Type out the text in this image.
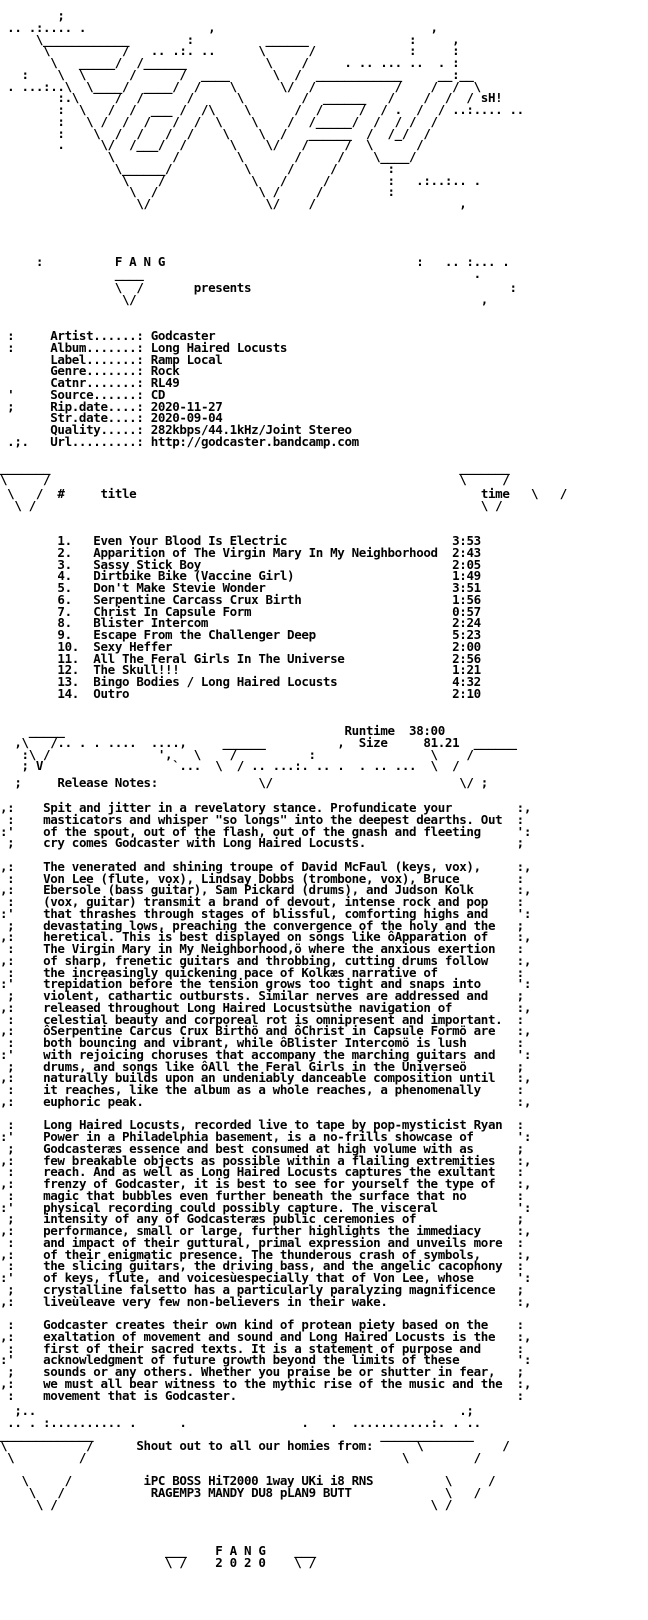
;
.. .:.... .                 ,                              ,
\____________        :          ______              :     ,
\          /   .. .:. ..      \      /             :     :
\   _____/  /______           \    /     . .. ... ..  . :
:    \  \      /      /  ____      \  /  ____________     __:__
. ...:..\  \____/  ____/  /    \      \/  /           /    /  /  \
:.\     /  /      /      \        /  ______   /    /  /  / sH!
:  \   /  /  ___ /  /\    \      /  /     /  / .  /  / ..:.... ..
:   \ /  /  /   /  /  \    \    /  /_____/  /  / /  /
:    \  /  /   /  /    \    \  /   ______  /  /_/  /
.     \/  /___/  /      \    \/   /     /  \      /
\        /        \       /     /    \____/
\______/          \     /     /       :
\    /            \   /     /        :   .:..:.. .
\  /              \ /     /         :
\/                \/    /                    ,
:          F A N G                                   :   .. :... .
____                                              .
\  /       presents                                    :
\/                                                ,
:     Artist......: Godcaster
:     Album.......: Long Haired Locusts
Label.......: Ramp Local
Genre.......: Rock
Catnr.......: RL49
'     Source......: CD
;     Rip.date....: 2020-11-27
Str.date....: 2020-09-04
Quality.....: 282kbps/44.1kHz/Joint Stereo
.;.   Url.........: http://godcaster.bandcamp.com
_______                                                         _______
\     /                                                         \     /
\   /  #	title	time   \   /
\ /                                                              \ /
1. Even Your Blood Is Electric	3:53
2. Apparition of The Virgin Mary In My Neighborhood 2:43
3. Sassy Stick Boy	2:05
4. Dirtbike Bike (Vaccine Girl)	1:49
5. Don't Make Stevie Wonder	3:51
6. Serpentine Carcass Crux Birth	1:56
7. Christ In Capsule Form	0:57
8. Blister Intercom	2:24
9. Escape From the Challenger Deep	5:23
10. Sexy Heffer	2:00
11. All The Feral Girls In The Universe	2:56
12. The Skull!!!	1:21
13. Bingo Bodies / Long Haired Locusts	4:32
14. Outro	2:10
_____                                       Runtime 38:00
,\   /.. . . ....  ....,     ______          ,  Size	81.21  ______
:\ /               ',   \    /          :                \    /
; V                  `...  \  / .. ...:. .. .  . .. ...  \  /
;     Release Notes:              \/                          \/ ;
,:    Spit and jitter in a revelatory stance. Profundicate your	:,
:    masticators and whisper "so longs" into the deepest dearths. Out :
:'    of the spout, out of the flash, out of the gnash and fleeting	':
;    cry comes Godcaster with Long Haired Locusts.	;
,:    The venerated and shining troupe of David McFaul (keys, vox),	:,
:    Von Lee (flute, vox), Lindsay Dobbs (trombone, vox), Bruce	:
,:    Ebersole (bass guitar), Sam Pickard (drums), and Judson Kolk	:,
:    (vox, guitar) transmit a brand of devout, intense rock and pop :
:'    that thrashes through stages of blissful, comforting highs and ':
;    devastating lows, preaching the convergence of the holy and the ;
,:    heretical. This is best displayed on songs like ôApparation of :,
:    The Virgin Mary in My Neighborhood,ö where the anxious exertion :
,:    of sharp, frenetic guitars and throbbing, cutting drums follow :,
:    the increasingly quickening pace of Kolkæs narrative of	:
:'    trepidation before the tension grows too tight and snaps into	':
;    violent, cathartic outbursts. Similar nerves are addressed and ;
,:    released throughout Long Haired Locustsùthe navigation of	:,
:    celestial beauty and corporeal rot is omnipresent and important. :
,:    ôSerpentine Carcus Crux Birthö and ôChrist in Capsule Formö are :,
:    both bouncing and vibrant, while ôBlister Intercomö is lush	:
:'    with rejoicing choruses that accompany the marching guitars and ':
;    drums, and songs like ôAll the Feral Girls in the Universeö	;
,:    naturally builds upon an undeniably danceable composition until :,
:    it reaches, like the album as a whole reaches, a phenomenally	:
,:    euphoric peak.	:,
:    Long Haired Locusts, recorded live to tape by pop-mysticist Ryan :
:'    Power in a Philadelphia basement, is a no-frills showcase of	':
;    Godcasteræs essence and best consumed at high volume with as	;
,:    few breakable objects as possible within a flailing extremities :,
:    reach. And as well as Long Haired Locusts captures the exultant :
,:    frenzy of Godcaster, it is best to see for yourself the type of :,
:    magic that bubbles even further beneath the surface that no	:
:'    physical recording could possibly capture. The visceral	':
;    intensity of any of Godcasteræs public ceremonies of	;
,:    performance, small or large, further highlights the immediacy	:,
:    and impact of their guttural, primal expression and unveils more :
,:    of their enigmatic presence. The thunderous crash of symbols,	:,
:    the slicing guitars, the driving bass, and the angelic cacophony :
:'    of keys, flute, and voicesùespecially that of Von Lee, whose	':
;    crystalline falsetto has a particularly paralyzing magnificence ;
,:    liveùleave very few non-believers in their wake.	:,
:    Godcaster creates their own kind of protean piety based on the :
,:    exaltation of movement and sound and Long Haired Locusts is the :,
:    first of their sacred texts. It is a statement of purpose and	:
:'    acknowledgment of future growth beyond the limits of these	':
;    sounds or any others. Whether you praise be or shutter in fear, ;
,:    we must all bear witness to the mythic rise of the music and the :,
:    movement that is Godcaster.	:
;..                                                           .;
.. . :.......... .      .                .   .  ...........:. . ..
_____________                                        _____________
\           /      Shout out to all our homies from:      \           /
\         /                                            \         /
\     /          iPC BOSS HiT2000 1way UKi i8 RNS          \     /
\   /            RAGEMP3 MANDY DU8 pLAN9 BUTT             \   /
\ /                                                    \ /
___    F A N G    ___
\ /    2 0 2 0    \ /
